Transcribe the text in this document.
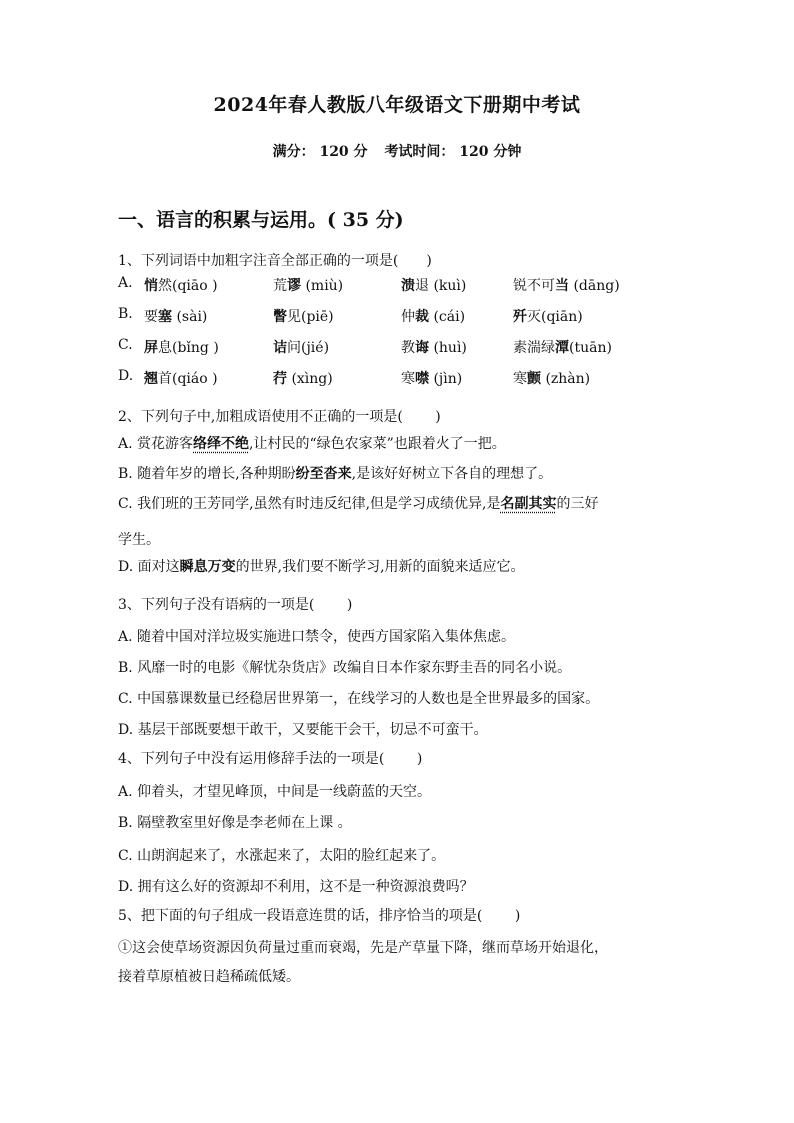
2024年春人教版八年级语文下册期中考试
满分： 120 分 考试时间： 120 分钟
一、语言的积累与运用。( 35 分)
1、下列词语中加粗字注音全部正确的一项是(　　)
A. 悄然(qiāo )	荒谬 (miù)	溃退 (kuì)	锐不可当 (dāng)
B. 要塞 (sài)	瞥见(piē)	仲裁 (cái)	歼灭(qiān)
C. 屏息(bǐng )	诘问(jié)	教诲 (huì)	素湍绿潭(tuān)
D. 翘首(qiáo )	荇 (xìng)	寒噤 (jìn)	寒颤 (zhàn)
2、下列句子中,加粗成语使用不正确的一项是(　　 )
A. 赏花游客络绎不绝,让村民的“绿色农家菜”也跟着火了一把。
B. 随着年岁的增长,各种期盼纷至沓来,是该好好树立下各自的理想了。
C. 我们班的王芳同学,虽然有时违反纪律,但是学习成绩优异,是名副其实的三好
学生。
D. 面对这瞬息万变的世界,我们要不断学习,用新的面貌来适应它。
3、下列句子没有语病的一项是(　　 )
A. 随着中国对洋垃圾实施进口禁令，使西方国家陷入集体焦虑。
B. 风靡一时的电影《解忧杂货店》改编自日本作家东野圭吾的同名小说。
C. 中国慕课数量已经稳居世界第一，在线学习的人数也是全世界最多的国家。
D. 基层干部既要想干敢干，又要能干会干，切忌不可蛮干。
4、下列句子中没有运用修辞手法的一项是(　　 )
A. 仰着头，才望见峰顶，中间是一线蔚蓝的天空。
B. 隔壁教室里好像是李老师在上课 。
C. 山朗润起来了，水涨起来了，太阳的脸红起来了。
D. 拥有这么好的资源却不利用，这不是一种资源浪费吗？
5、把下面的句子组成一段语意连贯的话，排序恰当的项是(　　 )
①这会使草场资源因负荷量过重而衰竭，先是产草量下降，继而草场开始退化，
接着草原植被日趋稀疏低矮。
